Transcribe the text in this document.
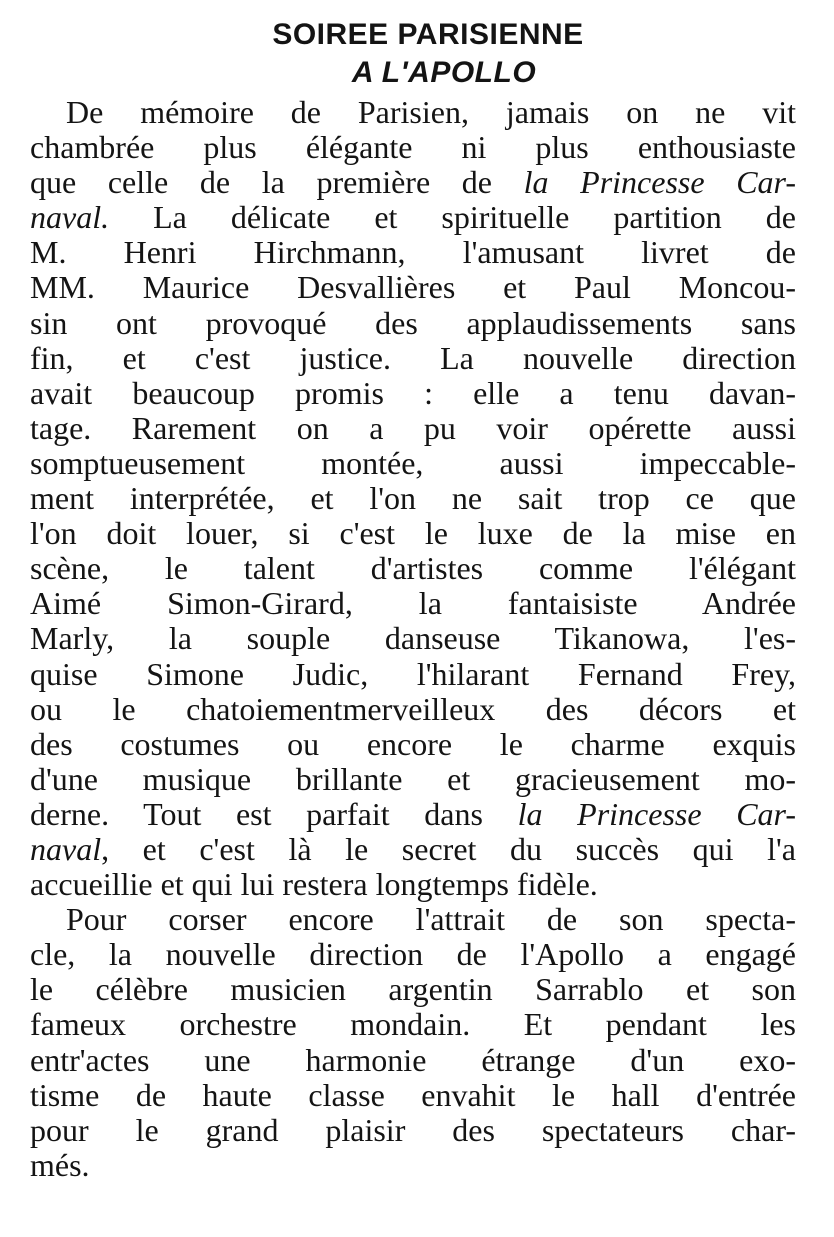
SOIREE PARISIENNE
A L'APOLLO
De mémoire de Parisien, jamais on ne vit
chambrée plus élégante ni plus enthousiaste
que celle de la première de la Princesse Car-
naval. La délicate et spirituelle partition de
M. Henri Hirchmann, l'amusant livret de
MM. Maurice Desvallières et Paul Moncou-
sin ont provoqué des applaudissements sans
fin, et c'est justice. La nouvelle direction
avait beaucoup promis : elle a tenu davan-
tage. Rarement on a pu voir opérette aussi
somptueusement montée, aussi impeccable-
ment interprétée, et l'on ne sait trop ce que
l'on doit louer, si c'est le luxe de la mise en
scène, le talent d'artistes comme l'élégant
Aimé Simon-Girard, la fantaisiste Andrée
Marly, la souple danseuse Tikanowa, l'es-
quise Simone Judic, l'hilarant Fernand Frey,
ou le chatoiementmerveilleux des décors et
des costumes ou encore le charme exquis
d'une musique brillante et gracieusement mo-
derne. Tout est parfait dans la Princesse Car-
naval, et c'est là le secret du succès qui l'a
accueillie et qui lui restera longtemps fidèle.
Pour corser encore l'attrait de son specta-
cle, la nouvelle direction de l'Apollo a engagé
le célèbre musicien argentin Sarrablo et son
fameux orchestre mondain. Et pendant les
entr'actes une harmonie étrange d'un exo-
tisme de haute classe envahit le hall d'entrée
pour le grand plaisir des spectateurs char-
més.
